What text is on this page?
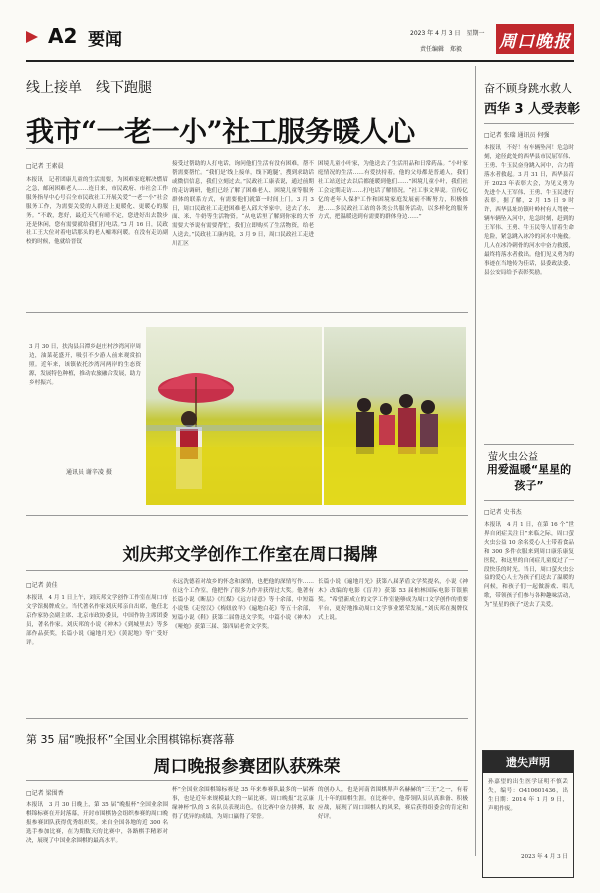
A2 要闻	2023 年 4 月 3 日　星期一
责任编辑　郑毅 周口晚报
线上接单　线下跑腿
我市“一老一小”社工服务暖人心
□记者 王素晨
本报讯　记者团康儿童的生活需要，为困难家庭解决燃眉之急，邮闲困难老人……连日来，市民政府、市社会工作服务指导中心号召全市民政社工开展关爱“一老一小”社会服务工作，为需要关爱的人群送上更暖化、更暖心的服务。“不敢，您好，最近天气有晴不定，您进好出去散步还是休闲，您有需要就给我们打电话。”3 月 16 日，民政社工王大位对着电话那头的老人嘘寒问暖。在没有走访副校的时候，他就给晋钗
接受过帮助的人打电话，询问他们生活有没有困难，帮不帮需要帮忙。“我们是‘线上接单，线下跑腿’，搜到求助话或微信信息，我们立刻过去。”民政社工康表说，通过前期的走访调研，他们已经了解了困难老人、困境儿童等服务群体的联系方式，有需要他们就第一时间上门。3 月 3 日，周口民政社工走进困难老人邱大爷家中，送去了水、面、米、牛奶等生活物资。“从电话里了解到你家的大爷需要大爷说有需要帮忙，我们立即购买了生活物资，给老人送去。”民政社工康冉说，3 月 9 日，周口民政社工走进川汇区
困境儿童小叶家，为他送去了生活用品和日常药品。“小叶家庭情况的生活……有爱扶持着，他的父母都是普通人，我们社工站送过去以后都能暖到他们……”困境儿童小叶，我们社工会定期走访……打电话了解情况。“社工事文界说。宣传亿亿的老年人保护工作和困境家庭发展前不断努力，积极推进……多民政社工站的各类公共服务活动，以多样化的服务方式，把温暖送到有需要的群体身边……”
奋不顾身跳水救人
西华 3 人受表彰
□记者 张瑞 通讯员 何强
本报讯　不好！有车辆坠河！危急时刻，途径此处的西华县市民屈军伟、王勇、牛玉民奋身跳入河中，合力将落水者救起。3 月 31 日，西华县召开 2023 年表彰大会，为见义勇为先进个人王军伟、王勇、牛玉民进行表彰。据了解，2 月 15 日 9 时许，西华县址坊镇叶岭村有人驾驶一辆车辆坠入河中，危急时刻，赶到的王军伟、王勇、牛玉民等人冒着生命危险，紧急跳入冰冷的河水中施救。几人在冰冷刺骨的河水中奋力救援，最终将落水者救出。他们见义勇为的事迹在当地传为佳话，县委政法委、县公安局给予表彰奖励。
3 月 30 日，扶沟县吕潭乡赵庄村沙湾河岸周边，油菜花盛开，吸引不少游人前来观赏拍照。近年来，该镇依托沙湾河两岸的生态资源，发展特色种植，推动农旅融合发展，助力乡村振兴。
通讯员 谢辛凌 摄
萤火虫公益
用爱温暖“星星的孩子”
□记者 史书杰
本报讯　4 月 1 日，在第 16 个“世界自闭症关注日”来临之际，周口萤火虫公益 10 余名爱心人士带着食品和 300 多件衣服来到周口康乐康复医院，和这里的自闭症儿童度过了一段快乐的时光。当日，周口萤火虫公益的爱心人士为孩子们送去了温暖的问候，和孩子们一起做游戏、唱儿歌，带领孩子们参与各种趣味活动，为“星星的孩子”送去了关爱。
刘庆邦文学创作工作室在周口揭牌
□记者 黄佳
本报讯　4 月 1 日上午，刘庆邦文学创作工作室在周口市文学馆揭牌成立。当代著名作家刘庆邦亲自出席，他任北京作家协会副主席、北京市政协委员，中国作协主席团委员，著名作家。刘庆邦的小说《神木》《到城里去》等多部作品获奖，长篇小说《遍地月光》《黄泥地》等广受好评。
永远洗德着对故乡的怀念和深情，也把他的深情写作……在这个工作室，他把作了很多力作并获得过大奖。他著有长篇小说《断层》《红煤》《远方诗意》等十余部，中短篇小说集《走窑汉》《梅妞放羊》《遍地白花》等五十余部，短篇小说《鞋》获第二届鲁迅文学奖，中篇小说《神木》《哑炮》获第三届、第四届老舍文学奖。
长篇小说《遍地月光》获第八届茅盾文学奖提名，小说《神木》改编的电影《盲井》获第 53 届柏林国际电影节银熊奖。“希望新成立的文学工作室能够成为周口文学创作的重要平台，更好地推动周口文学事业繁荣发展。”刘庆邦在揭牌仪式上说。
第 35 届“晚报杯”全国业余围棋锦标赛落幕
周口晚报参赛团队获殊荣
□记者 梁围香
本报讯　3 月 30 日晚上，第 35 届“晚报杯”全国业余围棋锦标赛在开封落幕，开封市围棋协会组织参赛的周口晚报参赛团队获得优秀组织奖。来自全国各地的近 300 名选手参加比赛，在为期数天的比赛中，各路棋手精彩对决，展现了中国业余围棋的最高水平。
杯”全国业余围棋锦标赛是 35 年来参赛队最多的一届赛事，也是近年来规模最大的一届比赛。周口晚报“北京康缘神杯”队的 3 名队员表现出色，在比赛中奋力拼搏，取得了优异的成绩，为周口赢得了荣誉。
的创办人，也是河南省围棋界声名赫赫的“三王”之一，有着几十年的围棋生涯。在比赛中，他带领队员认真准备、积极应战，展现了周口围棋人的风采，赛后获得组委会的肯定和好评。
遗失声明
孙嘉望的出生医学证明不慎丢失，编号：O410601436，出生日期：2014 年 1 月 9 日，声明作废。
2023 年 4 月 3 日
